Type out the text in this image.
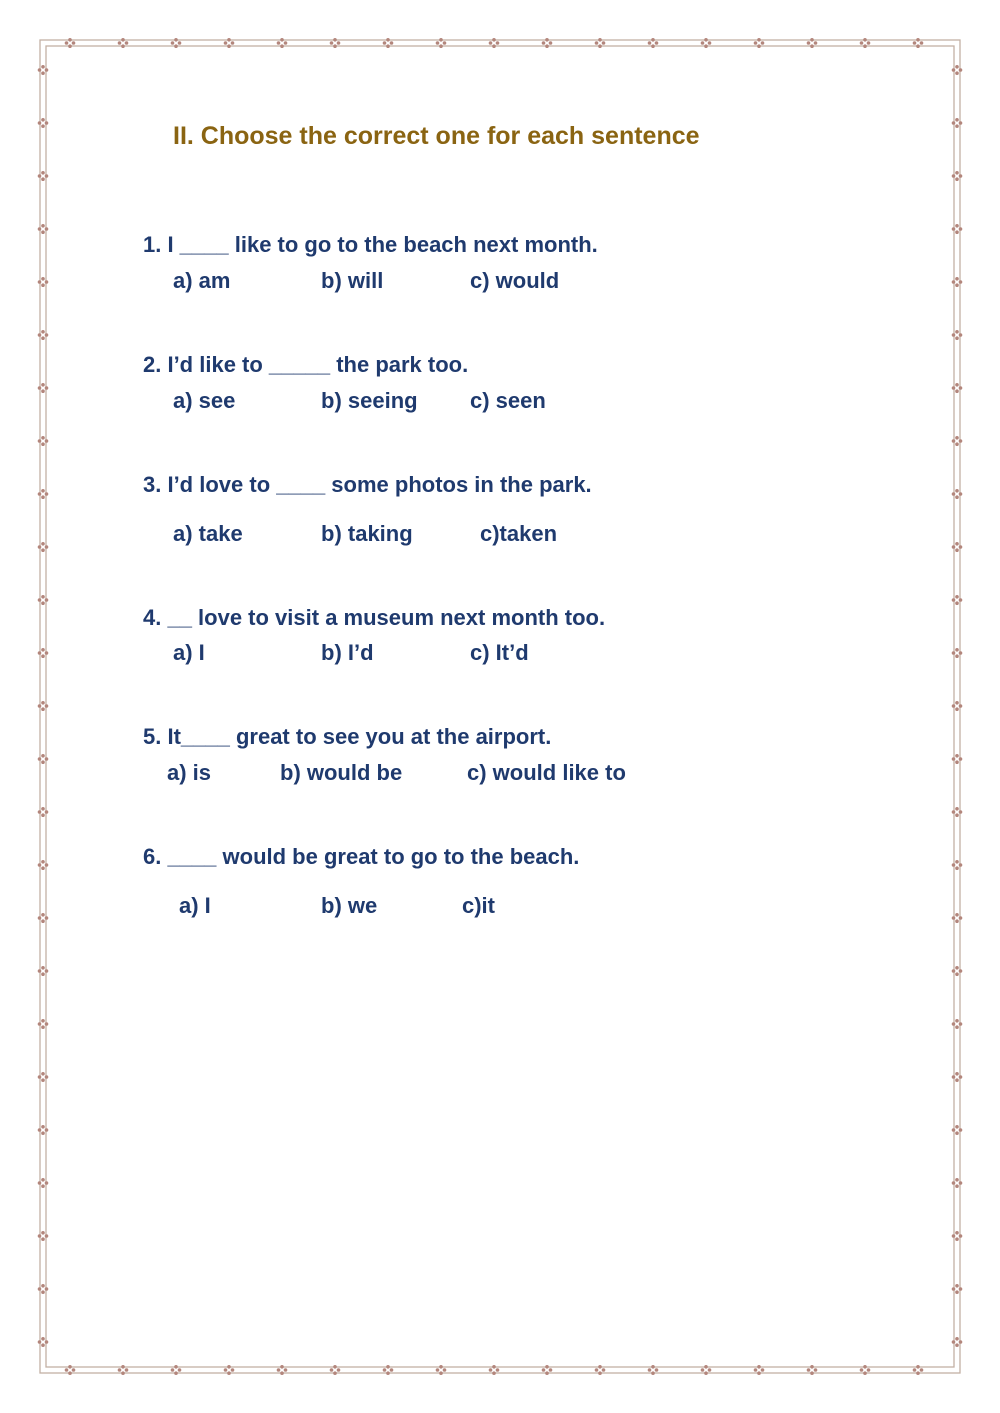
II. Choose the correct one for each sentence
1. I ____ like to go to the beach next month.
a) am	b) will	c) would
2. I’d like to _____ the park too.
a) see	b) seeing c) seen
3. I’d love to ____ some photos in the park.
a) take	b) taking	c)taken
4. __ love to visit a museum next month too.
a) I	b) I’d	c) It’d
5. It____ great to see you at the airport.
a) is	b) would be	c) would like to
6. ____ would be great to go to the beach.
a) I	b) we	c)it
